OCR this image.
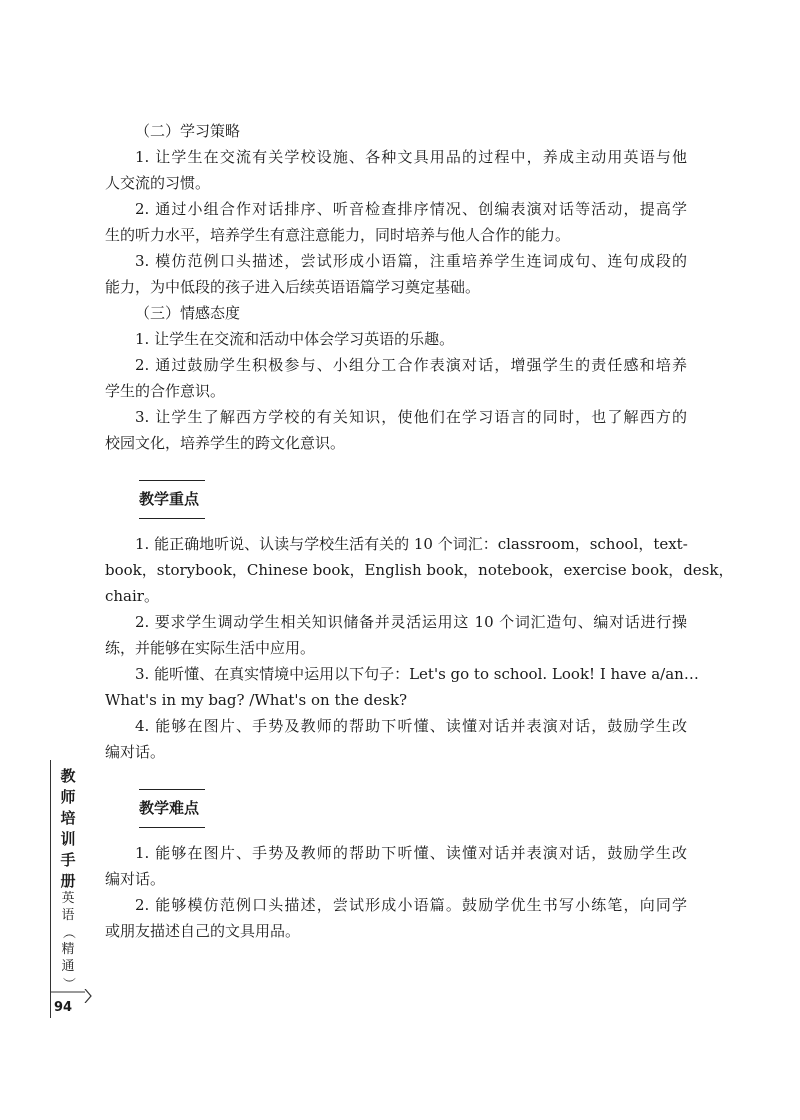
（二）学习策略

1. 让学生在交流有关学校设施、各种文具用品的过程中，养成主动用英语与他

人交流的习惯。

2. 通过小组合作对话排序、听音检查排序情况、创编表演对话等活动，提高学

生的听力水平，培养学生有意注意能力，同时培养与他人合作的能力。

3. 模仿范例口头描述，尝试形成小语篇，注重培养学生连词成句、连句成段的

能力，为中低段的孩子进入后续英语语篇学习奠定基础。

（三）情感态度

1. 让学生在交流和活动中体会学习英语的乐趣。

2. 通过鼓励学生积极参与、小组分工合作表演对话，增强学生的责任感和培养

学生的合作意识。

3. 让学生了解西方学校的有关知识，使他们在学习语言的同时，也了解西方的

校园文化，培养学生的跨文化意识。

教学重点

1. 能正确地听说、认读与学校生活有关的 10 个词汇：classroom，school，text-

book，storybook，Chinese book，English book，notebook，exercise book，desk，

chair。

2. 要求学生调动学生相关知识储备并灵活运用这 10 个词汇造句、编对话进行操

练，并能够在实际生活中应用。

3. 能听懂、在真实情境中运用以下句子：Let's go to school. Look! I have a/an…

What's in my bag? /What's on the desk?

4. 能够在图片、手势及教师的帮助下听懂、读懂对话并表演对话，鼓励学生改

编对话。

教学难点

1. 能够在图片、手势及教师的帮助下听懂、读懂对话并表演对话，鼓励学生改

编对话。

2. 能够模仿范例口头描述，尝试形成小语篇。鼓励学优生书写小练笔，向同学

或朋友描述自己的文具用品。

教
师
培
训
手
册
英
语
（
精
通
）
94
